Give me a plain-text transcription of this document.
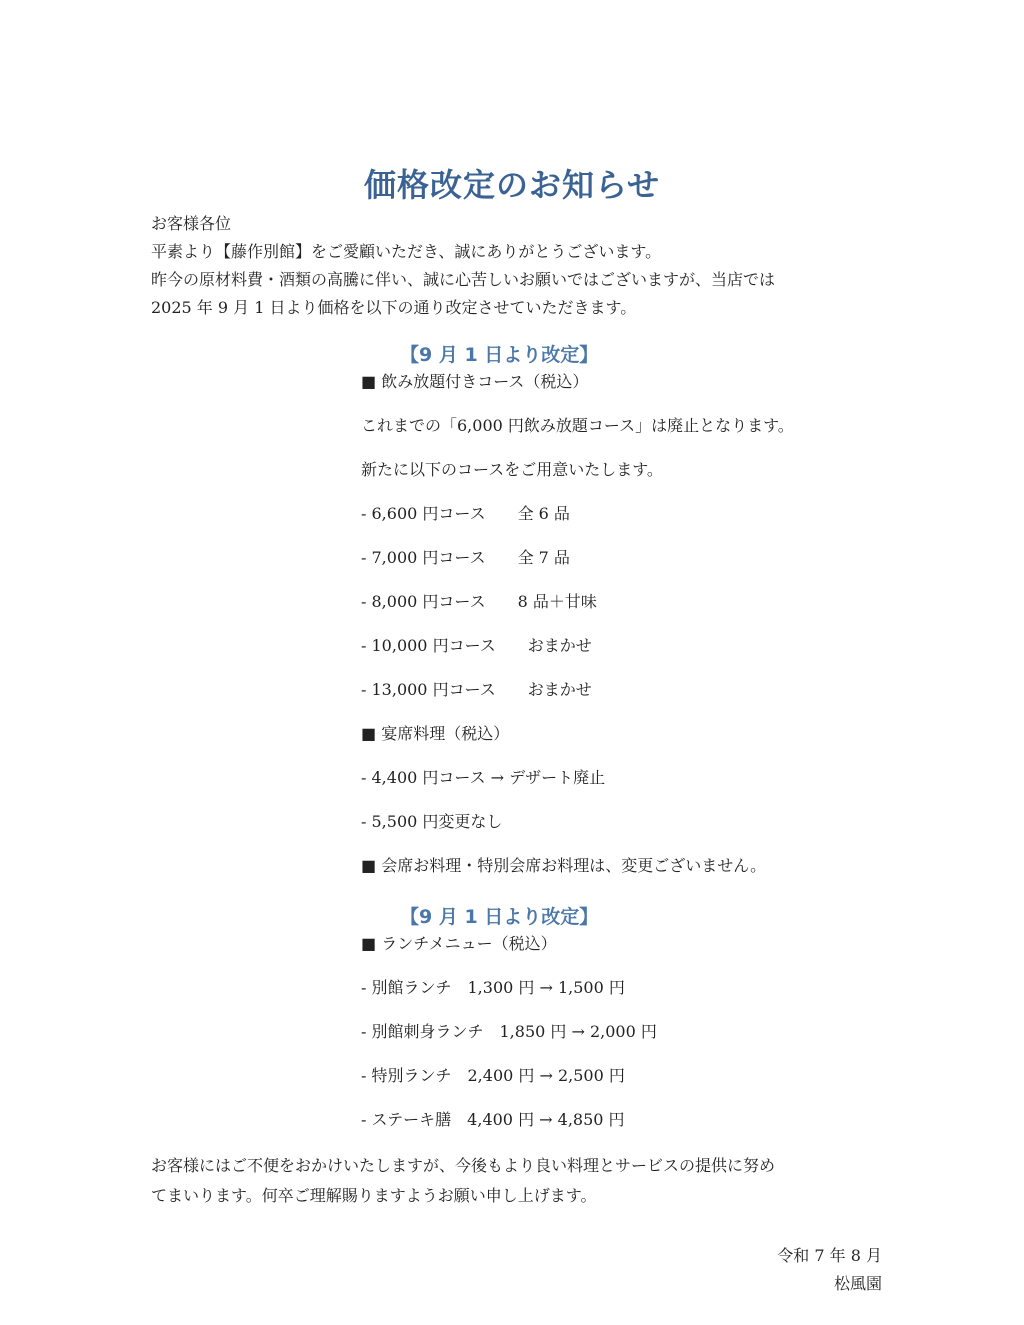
価格改定のお知らせ

お客様各位

平素より【藤作別館】をご愛顧いただき、誠にありがとうございます。

昨今の原材料費・酒類の高騰に伴い、誠に心苦しいお願いではございますが、当店では

2025 年 9 月 1 日より価格を以下の通り改定させていただきます。

【9 月 1 日より改定】
■ 飲み放題付きコース（税込）
これまでの「6,000 円飲み放題コース」は廃止となります。
新たに以下のコースをご用意いたします。
- 6,600 円コース　　全 6 品
- 7,000 円コース　　全 7 品
- 8,000 円コース　　8 品＋甘味
- 10,000 円コース　　おまかせ
- 13,000 円コース　　おまかせ
■ 宴席料理（税込）
- 4,400 円コース → デザート廃止
- 5,500 円変更なし
■ 会席お料理・特別会席お料理は、変更ございません。
【9 月 1 日より改定】
■ ランチメニュー（税込）
- 別館ランチ　1,300 円 → 1,500 円
- 別館刺身ランチ　1,850 円 → 2,000 円
- 特別ランチ　2,400 円 → 2,500 円
- ステーキ膳　4,400 円 → 4,850 円

お客様にはご不便をおかけいたしますが、今後もより良い料理とサービスの提供に努め

てまいります。何卒ご理解賜りますようお願い申し上げます。

令和 7 年 8 月
松風園
